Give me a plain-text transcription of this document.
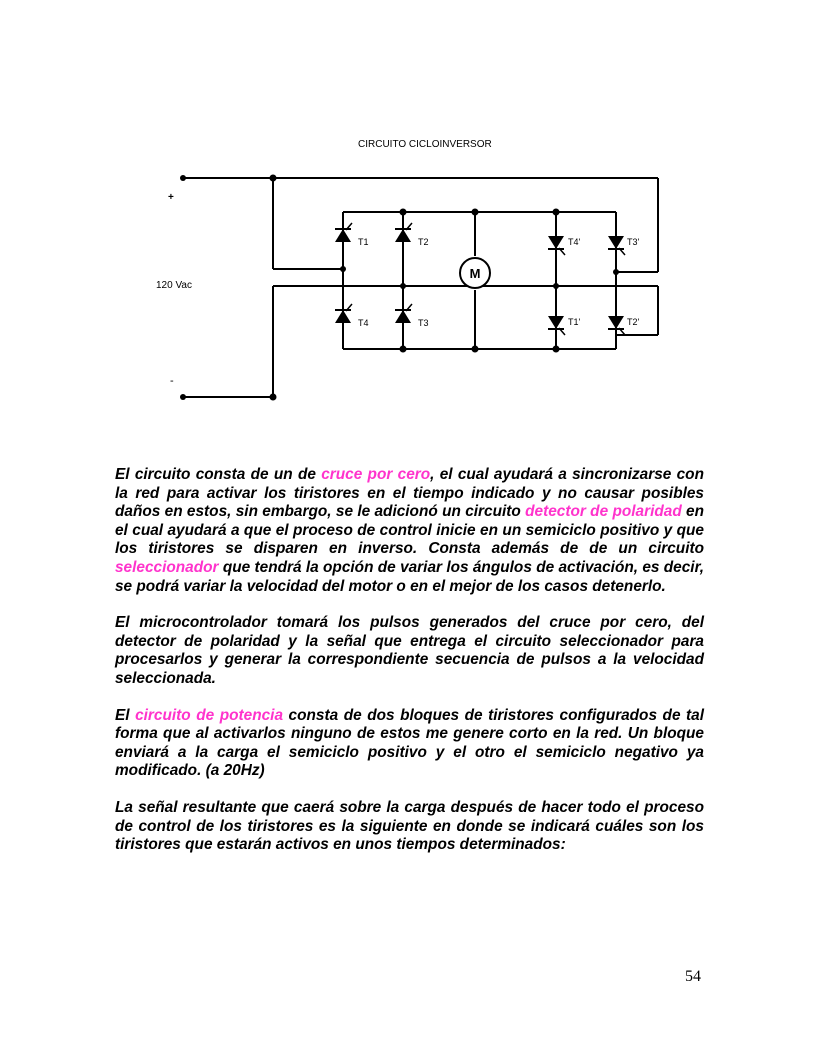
M
CIRCUITO CICLOINVERSOR
120 Vac
+
-
T1	T2
T4	T3
T4'	T3'
T1'	T2'

El circuito consta de un de cruce por cero, el cual ayudará a sincronizarse con la red para activar los tiristores en el tiempo indicado y no causar posibles daños en estos, sin embargo, se le adicionó un circuito detector de polaridad en el cual ayudará a que el proceso de control inicie en un semiciclo positivo y que los tiristores se disparen en inverso. Consta además de de un circuito seleccionador que tendrá la opción de variar los ángulos de activación, es decir, se podrá variar la velocidad del motor o en el mejor de los casos detenerlo.

El microcontrolador tomará los pulsos generados del cruce por cero, del detector de polaridad y la señal que entrega el circuito seleccionador para procesarlos y generar la correspondiente secuencia de pulsos a la velocidad seleccionada.

El circuito de potencia consta de dos bloques de tiristores configurados de tal forma que al activarlos ninguno de estos me genere corto en la red. Un bloque enviará a la carga el semiciclo positivo y el otro el semiciclo negativo ya modificado. (a 20Hz)

La señal resultante que caerá sobre la carga después de hacer todo el proceso de control de los tiristores es la siguiente en donde se indicará cuáles son los tiristores que estarán activos en unos tiempos determinados:

54
